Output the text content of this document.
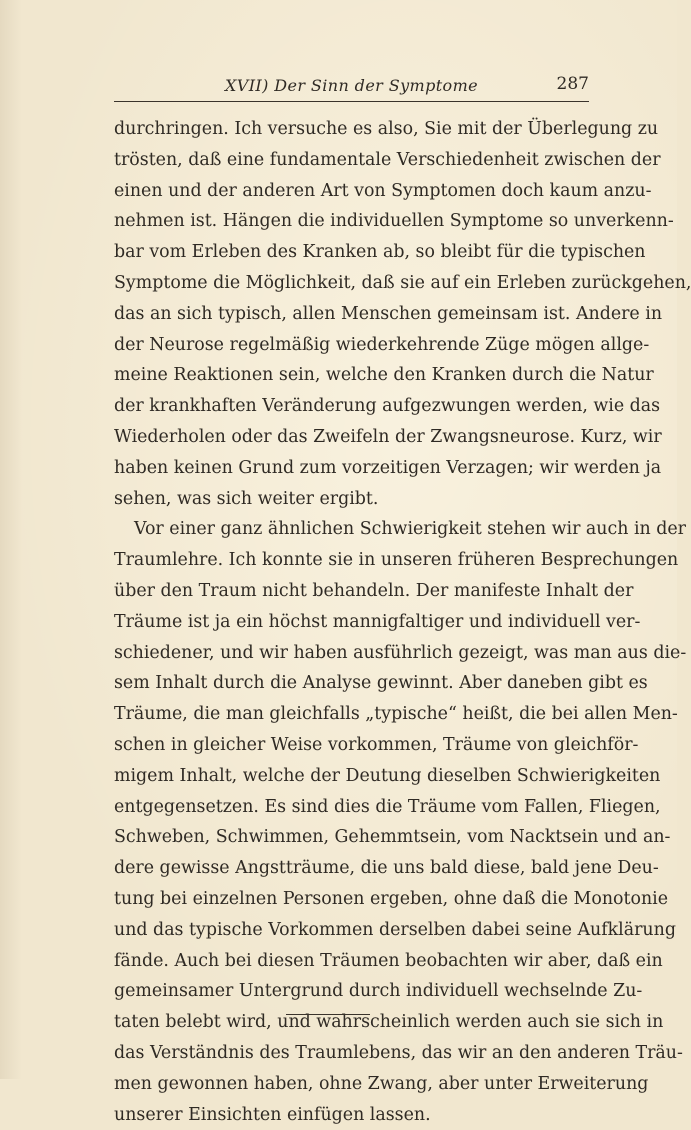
XVII) Der Sinn der Symptome	287
durchringen. Ich versuche es also, Sie mit der Überlegung zu
trösten, daß eine fundamentale Verschiedenheit zwischen der
einen und der anderen Art von Symptomen doch kaum anzu-
nehmen ist. Hängen die individuellen Symptome so unverkenn-
bar vom Erleben des Kranken ab, so bleibt für die typischen
Symptome die Möglichkeit, daß sie auf ein Erleben zurückgehen,
das an sich typisch, allen Menschen gemeinsam ist. Andere in
der Neurose regelmäßig wiederkehrende Züge mögen allge-
meine Reaktionen sein, welche den Kranken durch die Natur
der krankhaften Veränderung aufgezwungen werden, wie das
Wiederholen oder das Zweifeln der Zwangsneurose. Kurz, wir
haben keinen Grund zum vorzeitigen Verzagen; wir werden ja
sehen, was sich weiter ergibt.
Vor einer ganz ähnlichen Schwierigkeit stehen wir auch in der
Traumlehre. Ich konnte sie in unseren früheren Besprechungen
über den Traum nicht behandeln. Der manifeste Inhalt der
Träume ist ja ein höchst mannigfaltiger und individuell ver-
schiedener, und wir haben ausführlich gezeigt, was man aus die-
sem Inhalt durch die Analyse gewinnt. Aber daneben gibt es
Träume, die man gleichfalls „typische“ heißt, die bei allen Men-
schen in gleicher Weise vorkommen, Träume von gleichför-
migem Inhalt, welche der Deutung dieselben Schwierigkeiten
entgegensetzen. Es sind dies die Träume vom Fallen, Fliegen,
Schweben, Schwimmen, Gehemmtsein, vom Nacktsein und an-
dere gewisse Angstträume, die uns bald diese, bald jene Deu-
tung bei einzelnen Personen ergeben, ohne daß die Monotonie
und das typische Vorkommen derselben dabei seine Aufklärung
fände. Auch bei diesen Träumen beobachten wir aber, daß ein
gemeinsamer Untergrund durch individuell wechselnde Zu-
taten belebt wird, und wahrscheinlich werden auch sie sich in
das Verständnis des Traumlebens, das wir an den anderen Träu-
men gewonnen haben, ohne Zwang, aber unter Erweiterung
unserer Einsichten einfügen lassen.
